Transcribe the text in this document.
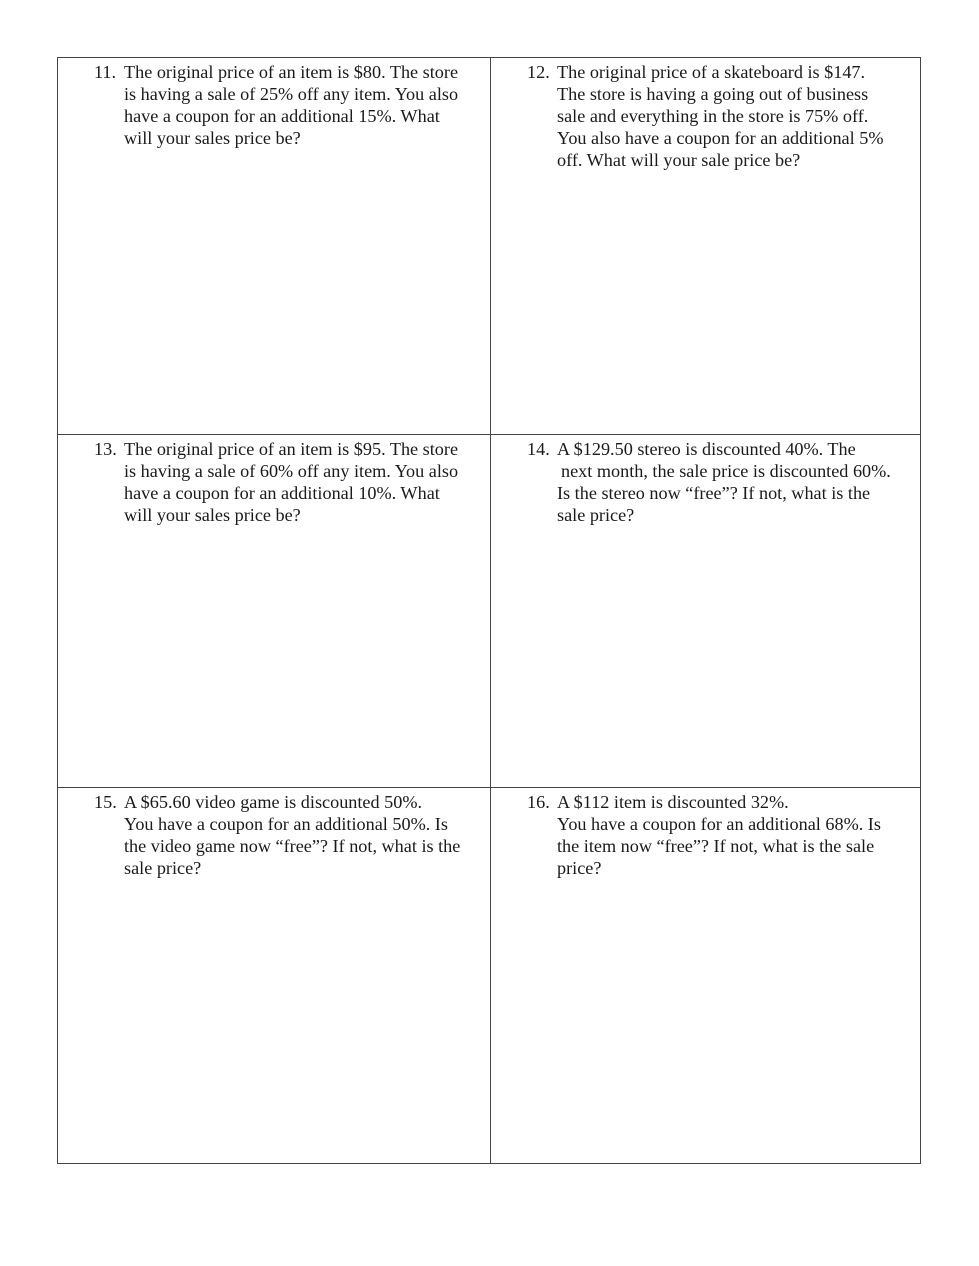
11. The original price of an item is $80. The store
is having a sale of 25% off any item. You also
have a coupon for an additional 15%. What
will your sales price be?
12. The original price of a skateboard is $147.
The store is having a going out of business
sale and everything in the store is 75% off.
You also have a coupon for an additional 5%
off. What will your sale price be?
13. The original price of an item is $95. The store
is having a sale of 60% off any item. You also
have a coupon for an additional 10%. What
will your sales price be?
14. A $129.50 stereo is discounted 40%. The
next month, the sale price is discounted 60%.
Is the stereo now “free”? If not, what is the
sale price?
15. A $65.60 video game is discounted 50%.
You have a coupon for an additional 50%. Is
the video game now “free”? If not, what is the
sale price?
16. A $112 item is discounted 32%.
You have a coupon for an additional 68%. Is
the item now “free”? If not, what is the sale
price?
